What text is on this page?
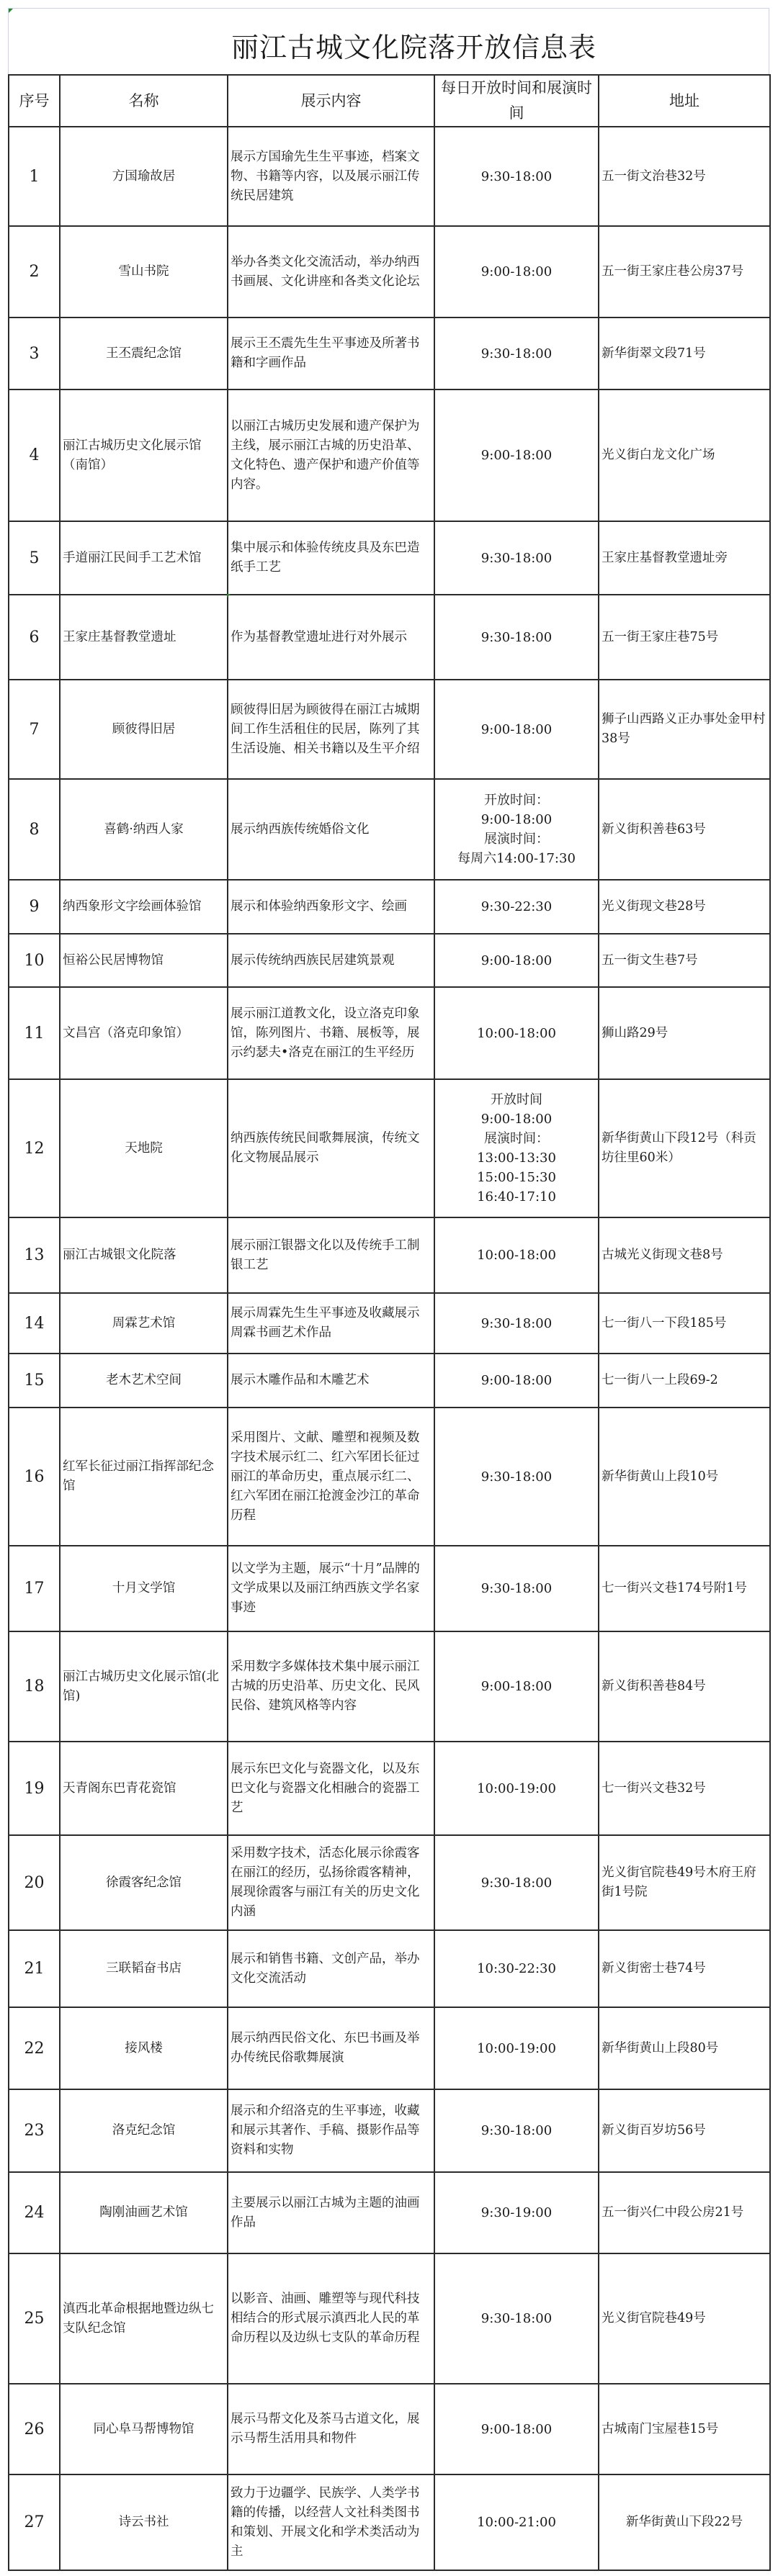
丽江古城文化院落开放信息表
序号	名称	展示内容	每日开放时间和展演时间	地址
1	方国瑜故居	展示方国瑜先生生平事迹，档案文物、书籍等内容，以及展示丽江传统民居建筑	9:30-18:00	五一街文治巷32号
2	雪山书院	举办各类文化交流活动，举办纳西书画展、文化讲座和各类文化论坛	9:00-18:00	五一街王家庄巷公房37号
3	王丕震纪念馆	展示王丕震先生生平事迹及所著书籍和字画作品	9:30-18:00	新华街翠文段71号
4	丽江古城历史文化展示馆（南馆）	以丽江古城历史发展和遗产保护为主线，展示丽江古城的历史沿革、文化特色、遗产保护和遗产价值等内容。	9:00-18:00	光义街白龙文化广场
5	手道丽江民间手工艺术馆	集中展示和体验传统皮具及东巴造纸手工艺	9:30-18:00	王家庄基督教堂遗址旁
6	王家庄基督教堂遗址	作为基督教堂遗址进行对外展示	9:30-18:00	五一街王家庄巷75号
7	顾彼得旧居	顾彼得旧居为顾彼得在丽江古城期间工作生活租住的民居，陈列了其生活设施、相关书籍以及生平介绍	9:00-18:00	狮子山西路义正办事处金甲村38号
8	喜鹤·纳西人家	展示纳西族传统婚俗文化	开放时间：
9:00-18:00
展演时间：
每周六14:00-17:30	新义街积善巷63号
9	纳西象形文字绘画体验馆	展示和体验纳西象形文字、绘画	9:30-22:30	光义街现文巷28号
10	恒裕公民居博物馆	展示传统纳西族民居建筑景观	9:00-18:00	五一街文生巷7号
11	文昌宫（洛克印象馆）	展示丽江道教文化，设立洛克印象馆，陈列图片、书籍、展板等，展示约瑟夫•洛克在丽江的生平经历	10:00-18:00	狮山路29号
12	天地院	纳西族传统民间歌舞展演，传统文化文物展品展示	
开放时间
9:00-18:00
展演时间：
13:00-13:30
15:00-15:30
16:40-17:10
	新华街黄山下段12号（科贡坊往里60米）
13	丽江古城银文化院落	展示丽江银器文化以及传统手工制银工艺	10:00-18:00	古城光义街现文巷8号
14	周霖艺术馆	展示周霖先生生平事迹及收藏展示周霖书画艺术作品	9:30-18:00	七一街八一下段185号
15	老木艺术空间	展示木雕作品和木雕艺术	9:00-18:00	七一街八一上段69-2
16	红军长征过丽江指挥部纪念馆	采用图片、文献、雕塑和视频及数字技术展示红二、红六军团长征过丽江的革命历史，重点展示红二、红六军团在丽江抢渡金沙江的革命历程	9:30-18:00	新华街黄山上段10号
17	十月文学馆	以文学为主题，展示“十月”品牌的文学成果以及丽江纳西族文学名家事迹	9:30-18:00	七一街兴文巷174号附1号
18	丽江古城历史文化展示馆(北馆)	采用数字多媒体技术集中展示丽江古城的历史沿革、历史文化、民风民俗、建筑风格等内容	9:00-18:00	新义街积善巷84号
19	天青阁东巴青花瓷馆	展示东巴文化与瓷器文化，以及东巴文化与瓷器文化相融合的瓷器工艺	10:00-19:00	七一街兴文巷32号
20	徐霞客纪念馆	采用数字技术，活态化展示徐霞客在丽江的经历，弘扬徐霞客精神，展现徐霞客与丽江有关的历史文化内涵	9:30-18:00	光义街官院巷49号木府王府街1号院
21	三联韬奋书店	展示和销售书籍、文创产品，举办文化交流活动	10:30-22:30	新义街密士巷74号
22	接风楼	展示纳西民俗文化、东巴书画及举办传统民俗歌舞展演	10:00-19:00	新华街黄山上段80号
23	洛克纪念馆	展示和介绍洛克的生平事迹，收藏和展示其著作、手稿、摄影作品等资料和实物	9:30-18:00	新义街百岁坊56号
24	陶刚油画艺术馆	主要展示以丽江古城为主题的油画作品	9:30-19:00	五一街兴仁中段公房21号
25	滇西北革命根据地暨边纵七支队纪念馆	以影音、油画、雕塑等与现代科技相结合的形式展示滇西北人民的革命历程以及边纵七支队的革命历程	9:30-18:00	光义街官院巷49号
26	同心阜马帮博物馆	展示马帮文化及茶马古道文化，展示马帮生活用具和物件	9:00-18:00	古城南门宝屋巷15号
27	诗云书社	致力于边疆学、民族学、人类学书籍的传播，以经营人文社科类图书和策划、开展文化和学术类活动为主	10:00-21:00	新华街黄山下段22号
